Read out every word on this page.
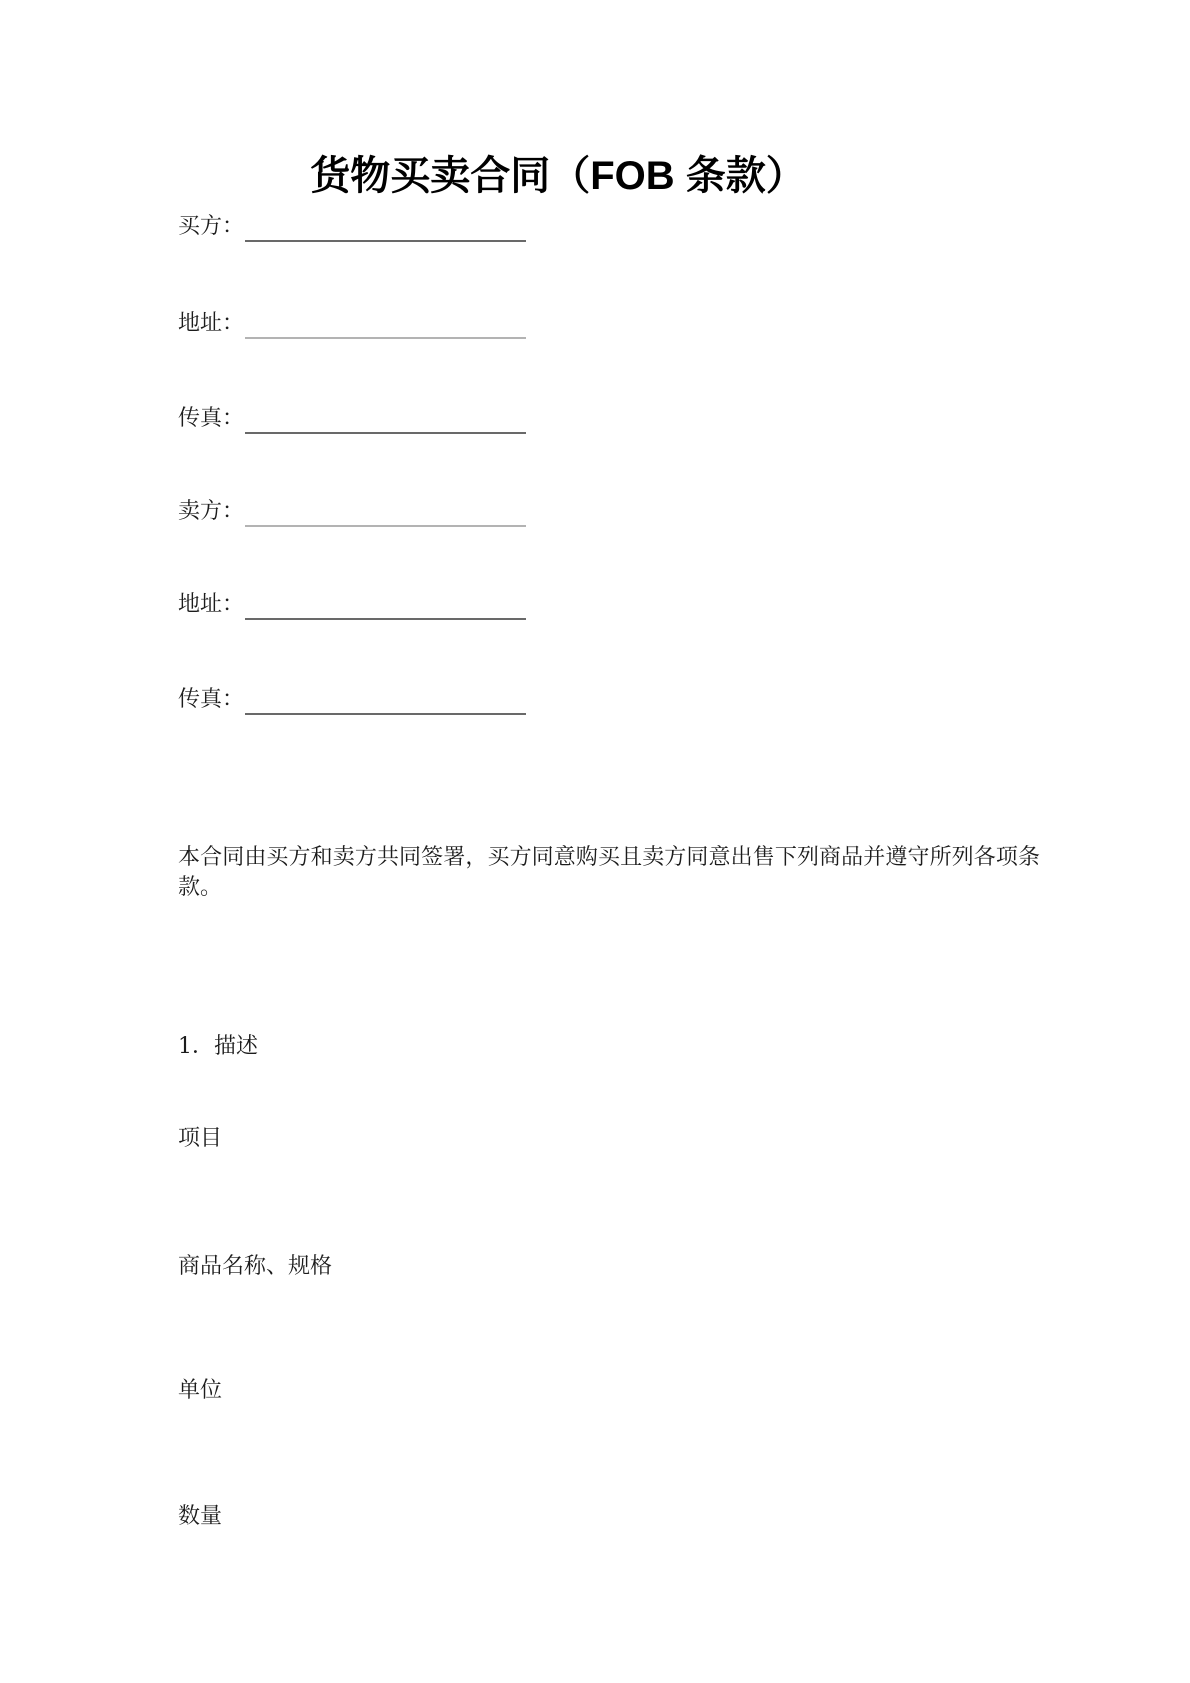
货物买卖合同（FOB 条款）
买方：
地址：
传真：
卖方：
地址：
传真：

本合同由买方和卖方共同签署，买方同意购买且卖方同意出售下列商品并遵守所列各项条款。

1．描述
项目
商品名称、规格
单位
数量
